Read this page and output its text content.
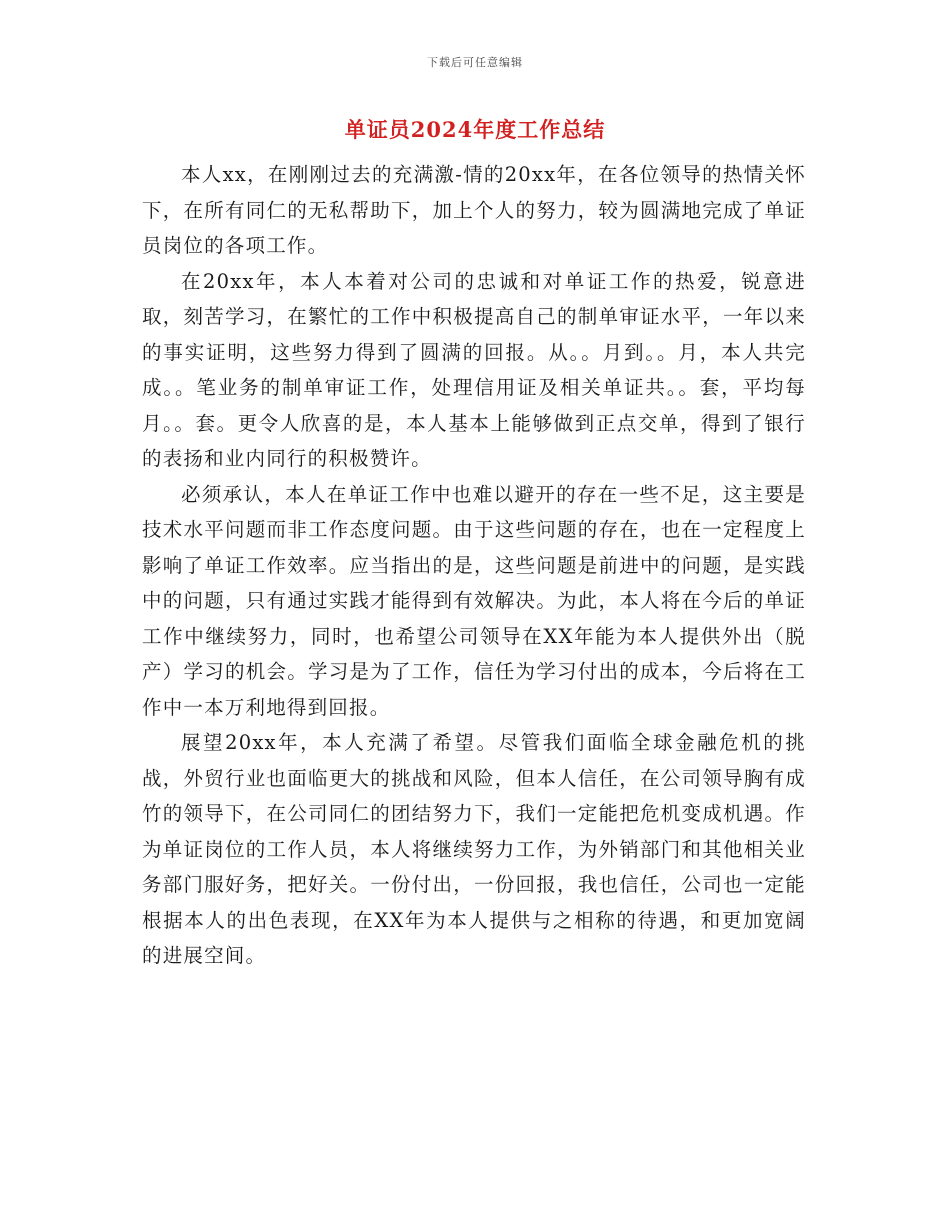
下载后可任意编辑
单证员2024年度工作总结

本人xx，在刚刚过去的充满激-情的20xx年，在各位领导的热情关怀下，在所有同仁的无私帮助下，加上个人的努力，较为圆满地完成了单证员岗位的各项工作。

在20xx年，本人本着对公司的忠诚和对单证工作的热爱，锐意进取，刻苦学习，在繁忙的工作中积极提高自己的制单审证水平，一年以来的事实证明，这些努力得到了圆满的回报。从。。月到。。月，本人共完成。。笔业务的制单审证工作，处理信用证及相关单证共。。套，平均每月。。套。更令人欣喜的是，本人基本上能够做到正点交单，得到了银行的表扬和业内同行的积极赞许。

必须承认，本人在单证工作中也难以避开的存在一些不足，这主要是技术水平问题而非工作态度问题。由于这些问题的存在，也在一定程度上影响了单证工作效率。应当指出的是，这些问题是前进中的问题，是实践中的问题，只有通过实践才能得到有效解决。为此，本人将在今后的单证工作中继续努力，同时，也希望公司领导在XX年能为本人提供外出（脱产）学习的机会。学习是为了工作，信任为学习付出的成本，今后将在工作中一本万利地得到回报。

展望20xx年，本人充满了希望。尽管我们面临全球金融危机的挑战，外贸行业也面临更大的挑战和风险，但本人信任，在公司领导胸有成竹的领导下，在公司同仁的团结努力下，我们一定能把危机变成机遇。作为单证岗位的工作人员，本人将继续努力工作，为外销部门和其他相关业务部门服好务，把好关。一份付出，一份回报，我也信任，公司也一定能根据本人的出色表现，在XX年为本人提供与之相称的待遇，和更加宽阔的进展空间。
